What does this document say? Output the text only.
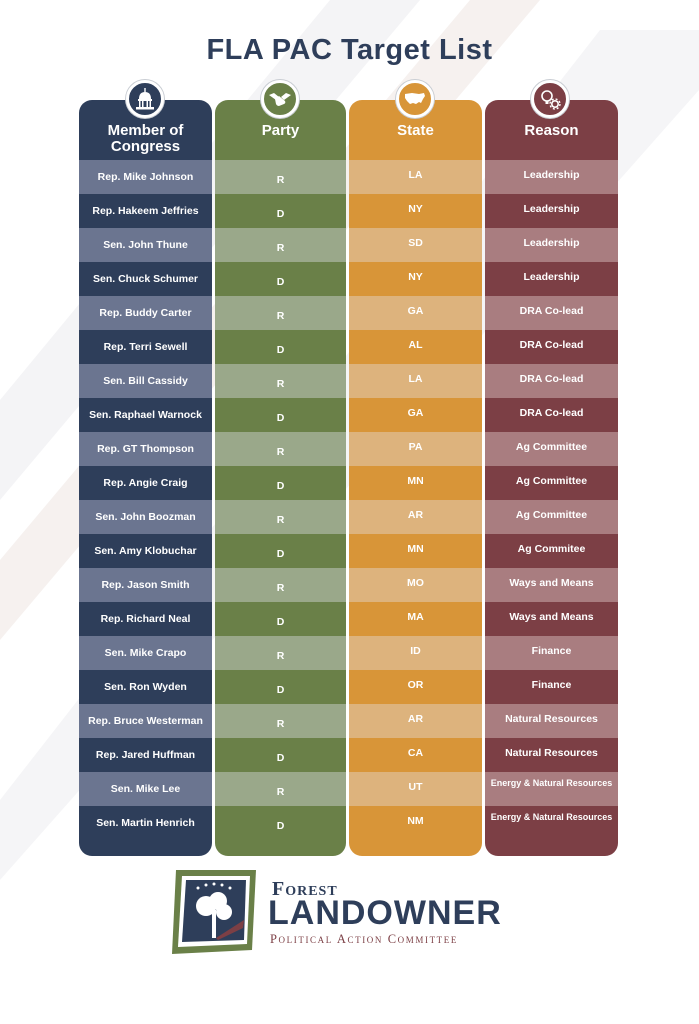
FLA PAC Target List
Member of Congress
Rep. Mike Johnson
Rep. Hakeem Jeffries
Sen. John Thune
Sen. Chuck Schumer
Rep. Buddy Carter
Rep. Terri Sewell
Sen. Bill Cassidy
Sen. Raphael Warnock
Rep. GT Thompson
Rep. Angie Craig
Sen. John Boozman
Sen. Amy Klobuchar
Rep. Jason Smith
Rep. Richard Neal
Sen. Mike Crapo
Sen. Ron Wyden
Rep. Bruce Westerman
Rep. Jared Huffman
Sen. Mike Lee
Sen. Martin Henrich
Party
R
D
R
D
R
D
R
D
R
D
R
D
R
D
R
D
R
D
R
D
State
LA
NY
SD
NY
GA
AL
LA
GA
PA
MN
AR
MN
MO
MA
ID
OR
AR
CA
UT
NM
Reason
Leadership
Leadership
Leadership
Leadership
DRA Co-lead
DRA Co-lead
DRA Co-lead
DRA Co-lead
Ag Committee
Ag Committee
Ag Committee
Ag Commitee
Ways and Means
Ways and Means
Finance
Finance
Natural Resources
Natural Resources
Energy & Natural Resources
Energy & Natural Resources
Forest
LANDOWNER
Political Action Committee
